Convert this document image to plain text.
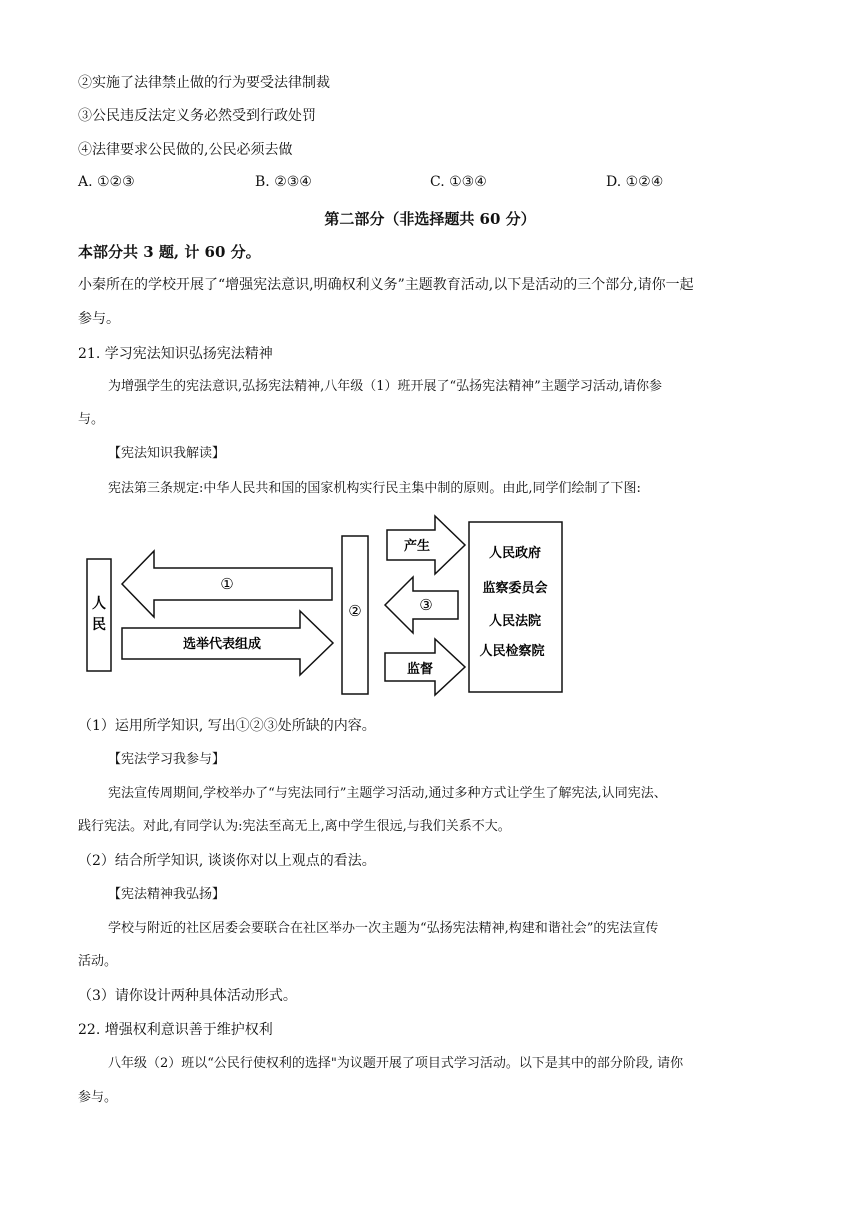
②实施了法律禁止做的行为要受法律制裁
③公民违反法定义务必然受到行政处罚
④法律要求公民做的,公民必须去做
A. ①②③	B. ②③④	C. ①③④	D. ①②④
第二部分（非选择题共 60 分）
本部分共 3 题, 计 60 分。
小秦所在的学校开展了“增强宪法意识,明确权利义务”主题教育活动,以下是活动的三个部分,请你一起
参与。
21. 学习宪法知识弘扬宪法精神
为增强学生的宪法意识,弘扬宪法精神,八年级（1）班开展了“弘扬宪法精神”主题学习活动,请你参
与。
【宪法知识我解读】
宪法第三条规定:中华人民共和国的国家机构实行民主集中制的原则。由此,同学们绘制了下图:
人
民
①
选举代表组成
②
产生
③
监督
人民政府
监察委员会
人民法院
人民检察院
（1）运用所学知识, 写出①②③处所缺的内容。
【宪法学习我参与】
宪法宣传周期间,学校举办了“与宪法同行”主题学习活动,通过多种方式让学生了解宪法,认同宪法、
践行宪法。对此,有同学认为:宪法至高无上,离中学生很远,与我们关系不大。
（2）结合所学知识, 谈谈你对以上观点的看法。
【宪法精神我弘扬】
学校与附近的社区居委会要联合在社区举办一次主题为“弘扬宪法精神,构建和谐社会”的宪法宣传
活动。
（3）请你设计两种具体活动形式。
22. 增强权利意识善于维护权利
八年级（2）班以“公民行使权利的选择"为议题开展了项目式学习活动。以下是其中的部分阶段, 请你
参与。
